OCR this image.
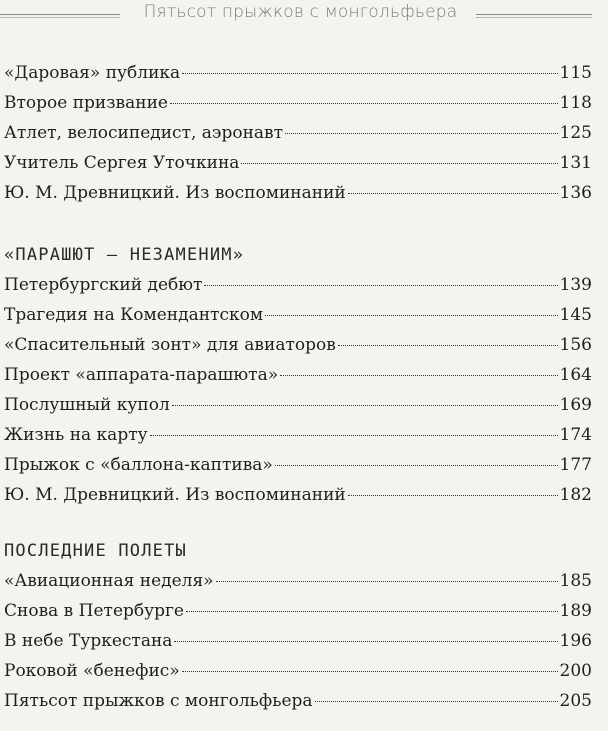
Пятьсот прыжков с монгольфьера
«Даровая» публика	115
Второе призвание	118
Атлет, велосипедист, аэронавт	125
Учитель Сергея Уточкина	131
Ю. М. Древницкий. Из воспоминаний	136
«ПАРАШЮТ – НЕЗАМЕНИМ»
Петербургский дебют	139
Трагедия на Комендантском	145
«Спасительный зонт» для авиаторов	156
Проект «аппарата-парашюта»	164
Послушный купол	169
Жизнь на карту	174
Прыжок с «баллона-каптива»	177
Ю. М. Древницкий. Из воспоминаний	182
ПОСЛЕДНИЕ ПОЛЕТЫ
«Авиационная неделя»	185
Снова в Петербурге	189
В небе Туркестана	196
Роковой «бенефис»	200
Пятьсот прыжков с монгольфьера	205
